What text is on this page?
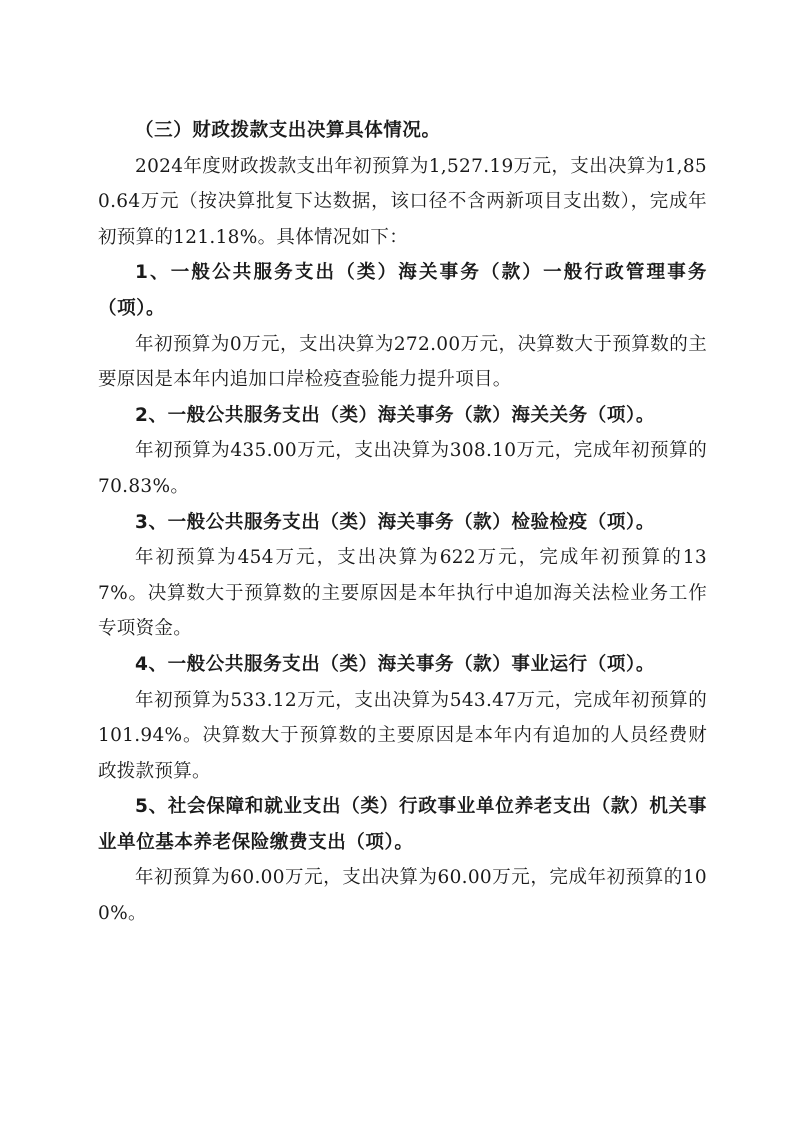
（三）财政拨款支出决算具体情况。

2024年度财政拨款支出年初预算为1,527.19万元，支出决算为1,850.64万元（按决算批复下达数据，该口径不含两新项目支出数），完成年初预算的121.18%。具体情况如下：

1、一般公共服务支出（类）海关事务（款）一般行政管理事务（项）。

年初预算为0万元，支出决算为272.00万元，决算数大于预算数的主要原因是本年内追加口岸检疫查验能力提升项目。

2、一般公共服务支出（类）海关事务（款）海关关务（项）。

年初预算为435.00万元，支出决算为308.10万元，完成年初预算的70.83%。

3、一般公共服务支出（类）海关事务（款）检验检疫（项）。

年初预算为454万元，支出决算为622万元，完成年初预算的137%。决算数大于预算数的主要原因是本年执行中追加海关法检业务工作专项资金。

4、一般公共服务支出（类）海关事务（款）事业运行（项）。

年初预算为533.12万元，支出决算为543.47万元，完成年初预算的101.94%。决算数大于预算数的主要原因是本年内有追加的人员经费财政拨款预算。

5、社会保障和就业支出（类）行政事业单位养老支出（款）机关事业单位基本养老保险缴费支出（项）。

年初预算为60.00万元，支出决算为60.00万元，完成年初预算的100%。
